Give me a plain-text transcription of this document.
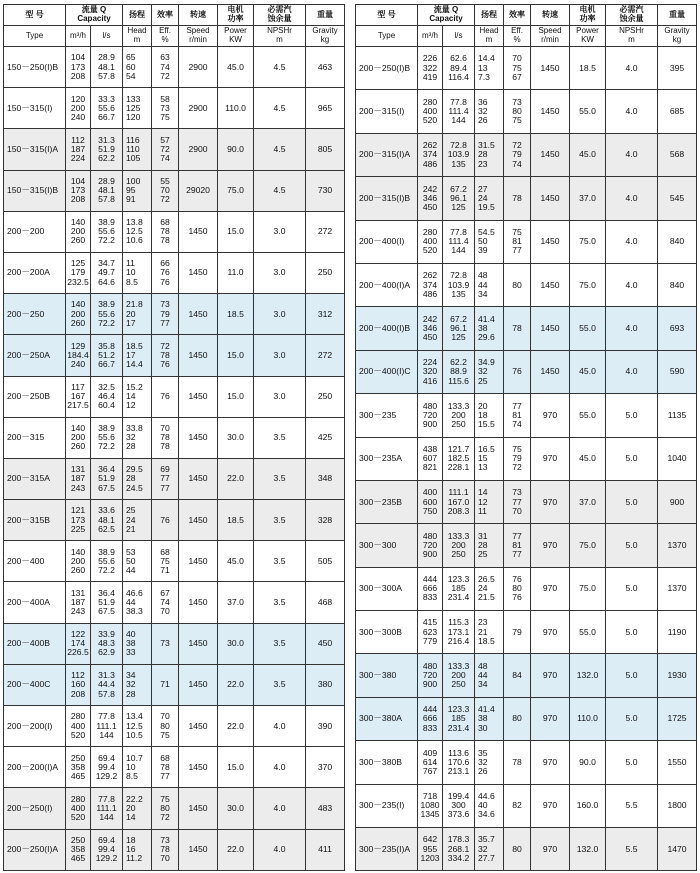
型 号	流量 Q
Capacity		扬程	效率	转速	电机
功率	必需汽
蚀余量	重量
Type	m³/h	l/s	Head
m	Eff.
%	Speed
r/min	Power
KW	NPSHr
m	Gravity
kg

150－250(I)B	104
173
208	28.9
48.1
57.8	65
60
54	63
74
72	2900	45.0	4.5	463

150－315(I)	120
200
240	33.3
55.6
66.7	133
125
120	58
73
75	2900	110.0	4.5	965

150－315(I)A	112
187
224	31.3
51.9
62.2	116
110
105	57
72
74	2900	90.0	4.5	805

150－315(I)B	104
173
208	28.9
48.1
57.8	100
95
91	55
70
72	29020	75.0	4.5	730

200－200	140
200
260	38.9
55.6
72.2	13.8
12.5
10.6	68
78
78	1450	15.0	3.0	272

200－200A	125
179
232.5	34.7
49.7
64.6	11
10
8.5	66
76
76	1450	11.0	3.0	250

200－250	140
200
260	38.9
55.6
72.2	21.8
20
17	73
79
77	1450	18.5	3.0	312

200－250A	129
184.4
240	35.8
51.2
66.7	18.5
17
14.4	72
78
76	1450	15.0	3.0	272

200－250B	117
167
217.5	32.5
46.4
60.4	15.2
14
12	76	1450	15.0	3.0	250

200－315	140
200
260	38.9
55.6
72.2	33.8
32
28	70
78
78	1450	30.0	3.5	425

200－315A	131
187
243	36.4
51.9
67.5	29.5
28
24.5	69
77
77	1450	22.0	3.5	348

200－315B	121
173
225	33.6
48.1
62.5	25
24
21	76	1450	18.5	3.5	328

200－400	140
200
260	38.9
55.6
72.2	53
50
44	68
75
71	1450	45.0	3.5	505

200－400A	131
187
243	36.4
51.9
67.5	46.6
44
38.3	67
74
70	1450	37.0	3.5	468

200－400B	122
174
226.5	33.9
48.3
62.9	40
38
33	73	1450	30.0	3.5	450

200－400C	112
160
208	31.3
44.4
57.8	34
32
28	71	1450	22.0	3.5	380

200－200(I)	280
400
520	77.8
111.1
144	13.4
12.5
10.5	70
80
75	1450	22.0	4.0	390

200－200(I)A	250
358
465	69.4
99.4
129.2	10.7
10
8.5	68
78
77	1450	15.0	4.0	370

200－250(I)	280
400
520	77.8
111.1
144	22.2
20
14	75
80
72	1450	30.0	4.0	483

200－250(I)A	250
358
465	69.4
99.4
129.2	18
16
11.2	73
78
70	1450	22.0	4.0	411
型 号	流量 Q
Capacity		扬程	效率	转速	电机
功率	必需汽
蚀余量	重量
Type	m³/h	l/s	Head
m	Eff.
%	Speed
r/min	Power
KW	NPSHr
m	Gravity
kg

200－250(I)B	226
322
419	62.6
89.4
116.4	14.4
13
7.3	70
75
67	1450	18.5	4.0	395

200－315(I)	280
400
520	77.8
111.4
144	36
32
26	73
80
75	1450	55.0	4.0	685

200－315(I)A	262
374
486	72.8
103.9
135	31.5
28
23	72
79
74	1450	45.0	4.0	568

200－315(I)B	242
346
450	67.2
96.1
125	27
24
19.5	78	1450	37.0	4.0	545

200－400(I)	280
400
520	77.8
111.4
144	54.5
50
39	75
81
77	1450	75.0	4.0	840

200－400(I)A	262
374
486	72.8
103.9
135	48
44
34	80	1450	75.0	4.0	840

200－400(I)B	242
346
450	67.2
96.1
125	41.4
38
29.6	78	1450	55.0	4.0	693

200－400(I)C	224
320
416	62.2
88.9
115.6	34.9
32
25	76	1450	45.0	4.0	590

300－235	480
720
900	133.3
200
250	20
18
15.5	77
81
74	970	55.0	5.0	1135

300－235A	438
607
821	121.7
182.5
228.1	16.5
15
13	75
79
72	970	45.0	5.0	1040

300－235B	400
600
750	111.1
167.0
208.3	14
12
11	73
77
70	970	37.0	5.0	900

300－300	480
720
900	133.3
200
250	31
28
25	77
81
77	970	75.0	5.0	1370

300－300A	444
666
833	123.3
185
231.4	26.5
24
21.5	76
80
76	970	75.0	5.0	1370

300－300B	415
623
779	115.3
173.1
216.4	23
21
18.5	79	970	55.0	5.0	1190

300－380	480
720
900	133.3
200
250	48
44
34	84	970	132.0	5.0	1930

300－380A	444
666
833	123.3
185
231.4	41.4
38
30	80	970	110.0	5.0	1725

300－380B	409
614
767	113.6
170.6
213.1	35
32
26	78	970	90.0	5.0	1550

300－235(I)	718
1080
1345	199.4
300
373.6	44.6
40
34.6	82	970	160.0	5.5	1800

300－235(I)A	642
955
1203	178.3
268.1
334.2	35.7
32
27.7	80	970	132.0	5.5	1470
